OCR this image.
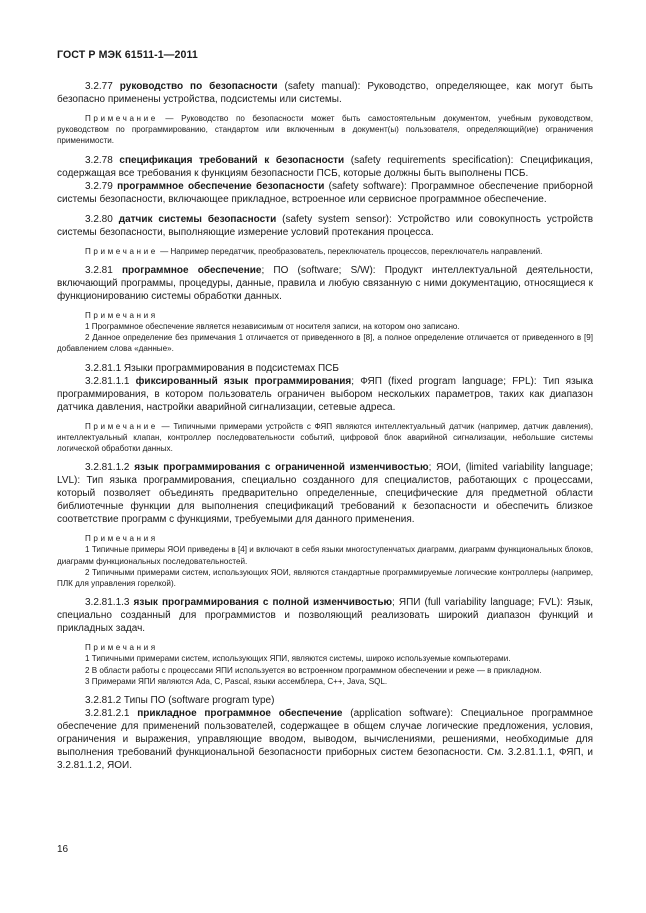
ГОСТ Р МЭК 61511-1—2011

3.2.77 руководство по безопасности (safety manual): Руководство, определяющее, как могут быть безопасно применены устройства, подсистемы или системы.

Примечание — Руководство по безопасности может быть самостоятельным документом, учебным руководством, руководством по программированию, стандартом или включенным в документ(ы) пользователя, определяющий(ие) ограничения применимости.

3.2.78 спецификация требований к безопасности (safety requirements specification): Спецификация, содержащая все требования к функциям безопасности ПСБ, которые должны быть выполнены ПСБ.

3.2.79 программное обеспечение безопасности (safety software): Программное обеспечение приборной системы безопасности, включающее прикладное, встроенное или сервисное программное обеспечение.

3.2.80 датчик системы безопасности (safety system sensor): Устройство или совокупность устройств системы безопасности, выполняющие измерение условий протекания процесса.

Примечание — Например передатчик, преобразователь, переключатель процессов, переключатель направлений.

3.2.81 программное обеспечение; ПО (software; S/W): Продукт интеллектуальной деятельности, включающий программы, процедуры, данные, правила и любую связанную с ними документацию, относящиеся к функционированию системы обработки данных.

Примечания

1 Программное обеспечение является независимым от носителя записи, на котором оно записано.

2 Данное определение без примечания 1 отличается от приведенного в [8], а полное определение отличается от приведенного в [9] добавлением слова «данные».

3.2.81.1 Языки программирования в подсистемах ПСБ

3.2.81.1.1 фиксированный язык программирования; ФЯП (fixed program language; FPL): Тип языка программирования, в котором пользователь ограничен выбором нескольких параметров, таких как диапазон датчика давления, настройки аварийной сигнализации, сетевые адреса.

Примечание — Типичными примерами устройств с ФЯП являются интеллектуальный датчик (например, датчик давления), интеллектуальный клапан, контроллер последовательности событий, цифровой блок аварийной сигнализации, небольшие системы логической обработки данных.

3.2.81.1.2 язык программирования с ограниченной изменчивостью; ЯОИ, (limited variability language; LVL): Тип языка программирования, специально созданного для специалистов, работающих с процессами, который позволяет объединять предварительно определенные, специфические для предметной области библиотечные функции для выполнения спецификаций требований к безопасности и обеспечить близкое соответствие программ с функциями, требуемыми для данного применения.

Примечания

1 Типичные примеры ЯОИ приведены в [4] и включают в себя языки многоступенчатых диаграмм, диаграмм функциональных блоков, диаграмм функциональных последовательностей.

2 Типичными примерами систем, использующих ЯОИ, являются стандартные программируемые логические контроллеры (например, ПЛК для управления горелкой).

3.2.81.1.3 язык программирования с полной изменчивостью; ЯПИ (full variability language; FVL): Язык, специально созданный для программистов и позволяющий реализовать широкий диапазон функций и прикладных задач.

Примечания

1 Типичными примерами систем, использующих ЯПИ, являются системы, широко используемые компьютерами.

2 В области работы с процессами ЯПИ используется во встроенном программном обеспечении и реже — в прикладном.

3 Примерами ЯПИ являются Ada, C, Pascal, языки ассемблера, C++, Java, SQL.

3.2.81.2 Типы ПО (software program type)

3.2.81.2.1 прикладное программное обеспечение (application software): Специальное программное обеспечение для применений пользователей, содержащее в общем случае логические предложения, условия, ограничения и выражения, управляющие вводом, выводом, вычислениями, решениями, необходимые для выполнения требований функциональной безопасности приборных систем безопасности. См. 3.2.81.1.1, ФЯП, и 3.2.81.1.2, ЯОИ.

16
